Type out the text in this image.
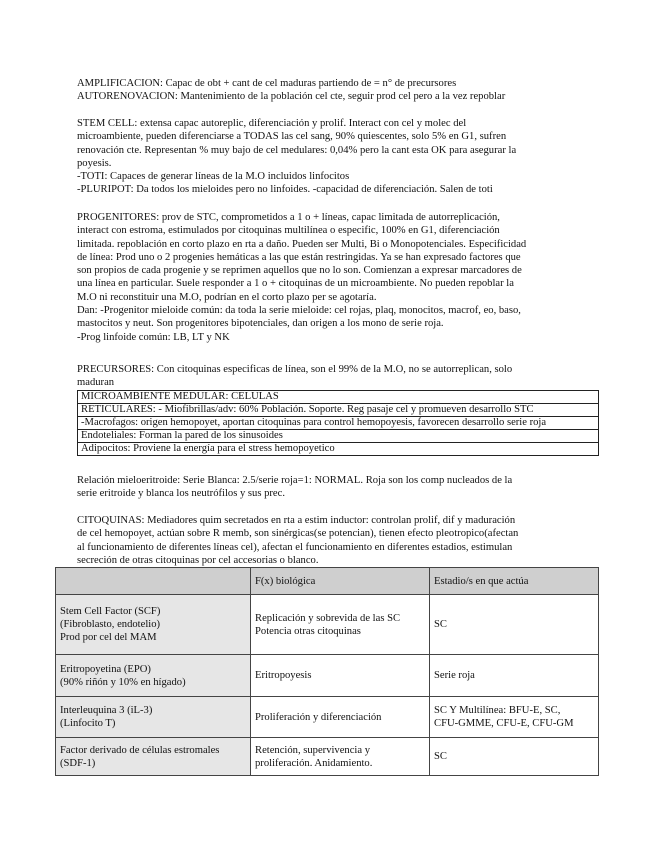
AMPLIFICACION: Capac de obt + cant de cel maduras partiendo de = n° de precursores
AUTORENOVACION: Mantenimiento de la población cel cte, seguir prod cel pero a la vez repoblar
STEM CELL: extensa capac autoreplic, diferenciación y prolif. Interact con cel y molec del
microambiente, pueden diferenciarse a TODAS las cel sang, 90% quiescentes, solo 5% en G1, sufren
renovación cte. Representan % muy bajo de cel medulares: 0,04% pero la cant esta OK para asegurar la
poyesis.
-TOTI: Capaces de generar líneas de la M.O incluidos linfocitos
-PLURIPOT: Da todos los mieloides pero no linfoides. -capacidad de diferenciación. Salen de toti
PROGENITORES: prov de STC, comprometidos a 1 o + líneas, capac limitada de autorreplicación,
interact con estroma, estimulados por citoquinas multilínea o especific, 100% en G1, diferenciación
limitada. repoblación en corto plazo en rta a daño. Pueden ser Multi, Bi o Monopotenciales. Especificidad
de línea: Prod uno o 2 progenies hemáticas a las que están restringidas. Ya se han expresado factores que
son propios de cada progenie y se reprimen aquellos que no lo son. Comienzan a expresar marcadores de
una línea en particular. Suele responder a 1 o + citoquinas de un microambiente. No pueden repoblar la
M.O ni reconstituir una M.O, podrían en el corto plazo per se agotaría.
Dan: -Progenitor mieloide común: da toda la serie mieloide: cel rojas, plaq, monocitos, macrof, eo, baso,
mastocitos y neut. Son progenitores bipotenciales, dan origen a los mono de serie roja.
-Prog linfoide común: LB, LT y NK
PRECURSORES: Con citoquinas especificas de línea, son el 99% de la M.O, no se autorreplican, solo
maduran
MICROAMBIENTE MEDULAR: CELULAS
RETICULARES: - Miofibrillas/adv: 60% Población. Soporte. Reg pasaje cel y promueven desarrollo STC
-Macrofagos: origen hemopoyet, aportan citoquinas para control hemopoyesis, favorecen desarrollo serie roja
Endoteliales: Forman la pared de los sinusoides
Adipocitos: Proviene la energía para el stress hemopoyetico
Relación mieloeritroide: Serie Blanca: 2.5/serie roja=1: NORMAL. Roja son los comp nucleados de la
serie eritroide y blanca los neutrófilos y sus prec.
CITOQUINAS: Mediadores quim secretados en rta a estim inductor: controlan prolif, dif y maduración
de cel hemopoyet, actúan sobre R memb, son sinérgicas(se potencian), tienen efecto pleotropico(afectan
al funcionamiento de diferentes líneas cel), afectan el funcionamiento en diferentes estadios, estimulan
secreción de otras citoquinas por cel accesorias o blanco.
	F(x) biológica	Estadio/s en que actúa

Stem Cell Factor (SCF)
(Fibroblasto, endotelio)
Prod por cel del MAM	Replicación y sobrevida de las SC
Potencia otras citoquinas	SC

Eritropoyetina (EPO)
(90% riñón y 10% en hígado)	Eritropoyesis	Serie roja

Interleuquina 3 (iL-3)
(Linfocito T)	Proliferación y diferenciación	SC Y Multilínea: BFU-E, SC,
CFU-GMME, CFU-E, CFU-GM

Factor derivado de células estromales
(SDF-1)	Retención, supervivencia y
proliferación. Anidamiento.	SC
